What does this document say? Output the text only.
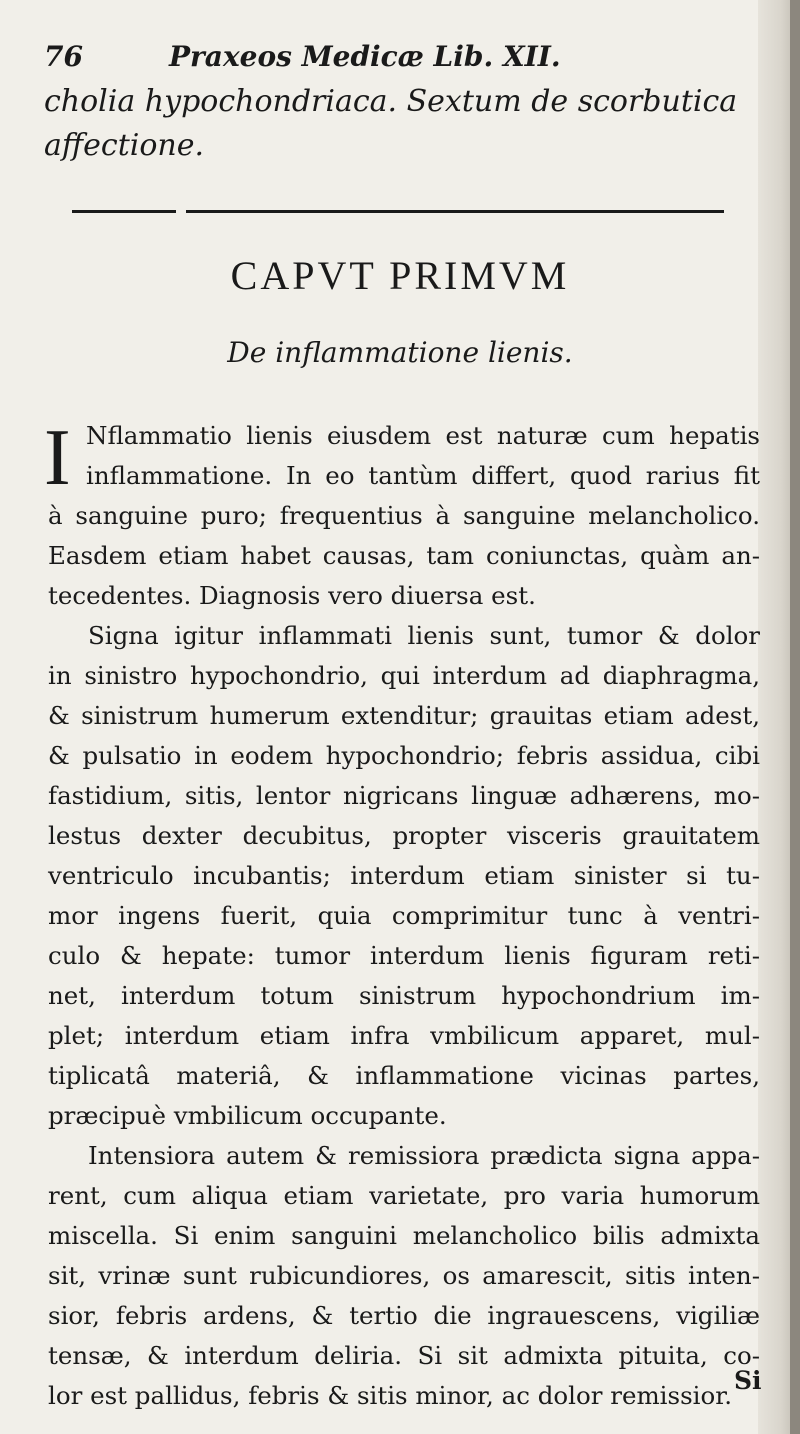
76	Praxeos Medicæ Lib. XII.
cholia hypochondriaca. Sextum de scorbutica
affectione.
CAPVT PRIMVM
De inflammatione lienis.
I Nflammatio lienis eiusdem est naturæ cum hepatis
inflammatione. In eo tantùm differt, quod rarius fit
à sanguine puro; frequentius à sanguine melancholico.
Easdem etiam habet causas, tam coniunctas, quàm an-
tecedentes. Diagnosis vero diuersa est.
Signa igitur inflammati lienis sunt, tumor & dolor
in sinistro hypochondrio, qui interdum ad diaphragma,
& sinistrum humerum extenditur; grauitas etiam adest,
& pulsatio in eodem hypochondrio; febris assidua, cibi
fastidium, sitis, lentor nigricans linguæ adhærens, mo-
lestus dexter decubitus, propter visceris grauitatem
ventriculo incubantis; interdum etiam sinister si tu-
mor ingens fuerit, quia comprimitur tunc à ventri-
culo & hepate: tumor interdum lienis figuram reti-
net, interdum totum sinistrum hypochondrium im-
plet; interdum etiam infra vmbilicum apparet, mul-
tiplicatâ materiâ, & inflammatione vicinas partes,
præcipuè vmbilicum occupante.
Intensiora autem & remissiora prædicta signa appa-
rent, cum aliqua etiam varietate, pro varia humorum
miscella. Si enim sanguini melancholico bilis admixta
sit, vrinæ sunt rubicundiores, os amarescit, sitis inten-
sior, febris ardens, & tertio die ingrauescens, vigiliæ
tensæ, & interdum deliria. Si sit admixta pituita, co-
lor est pallidus, febris & sitis minor, ac dolor remissior.
Si
